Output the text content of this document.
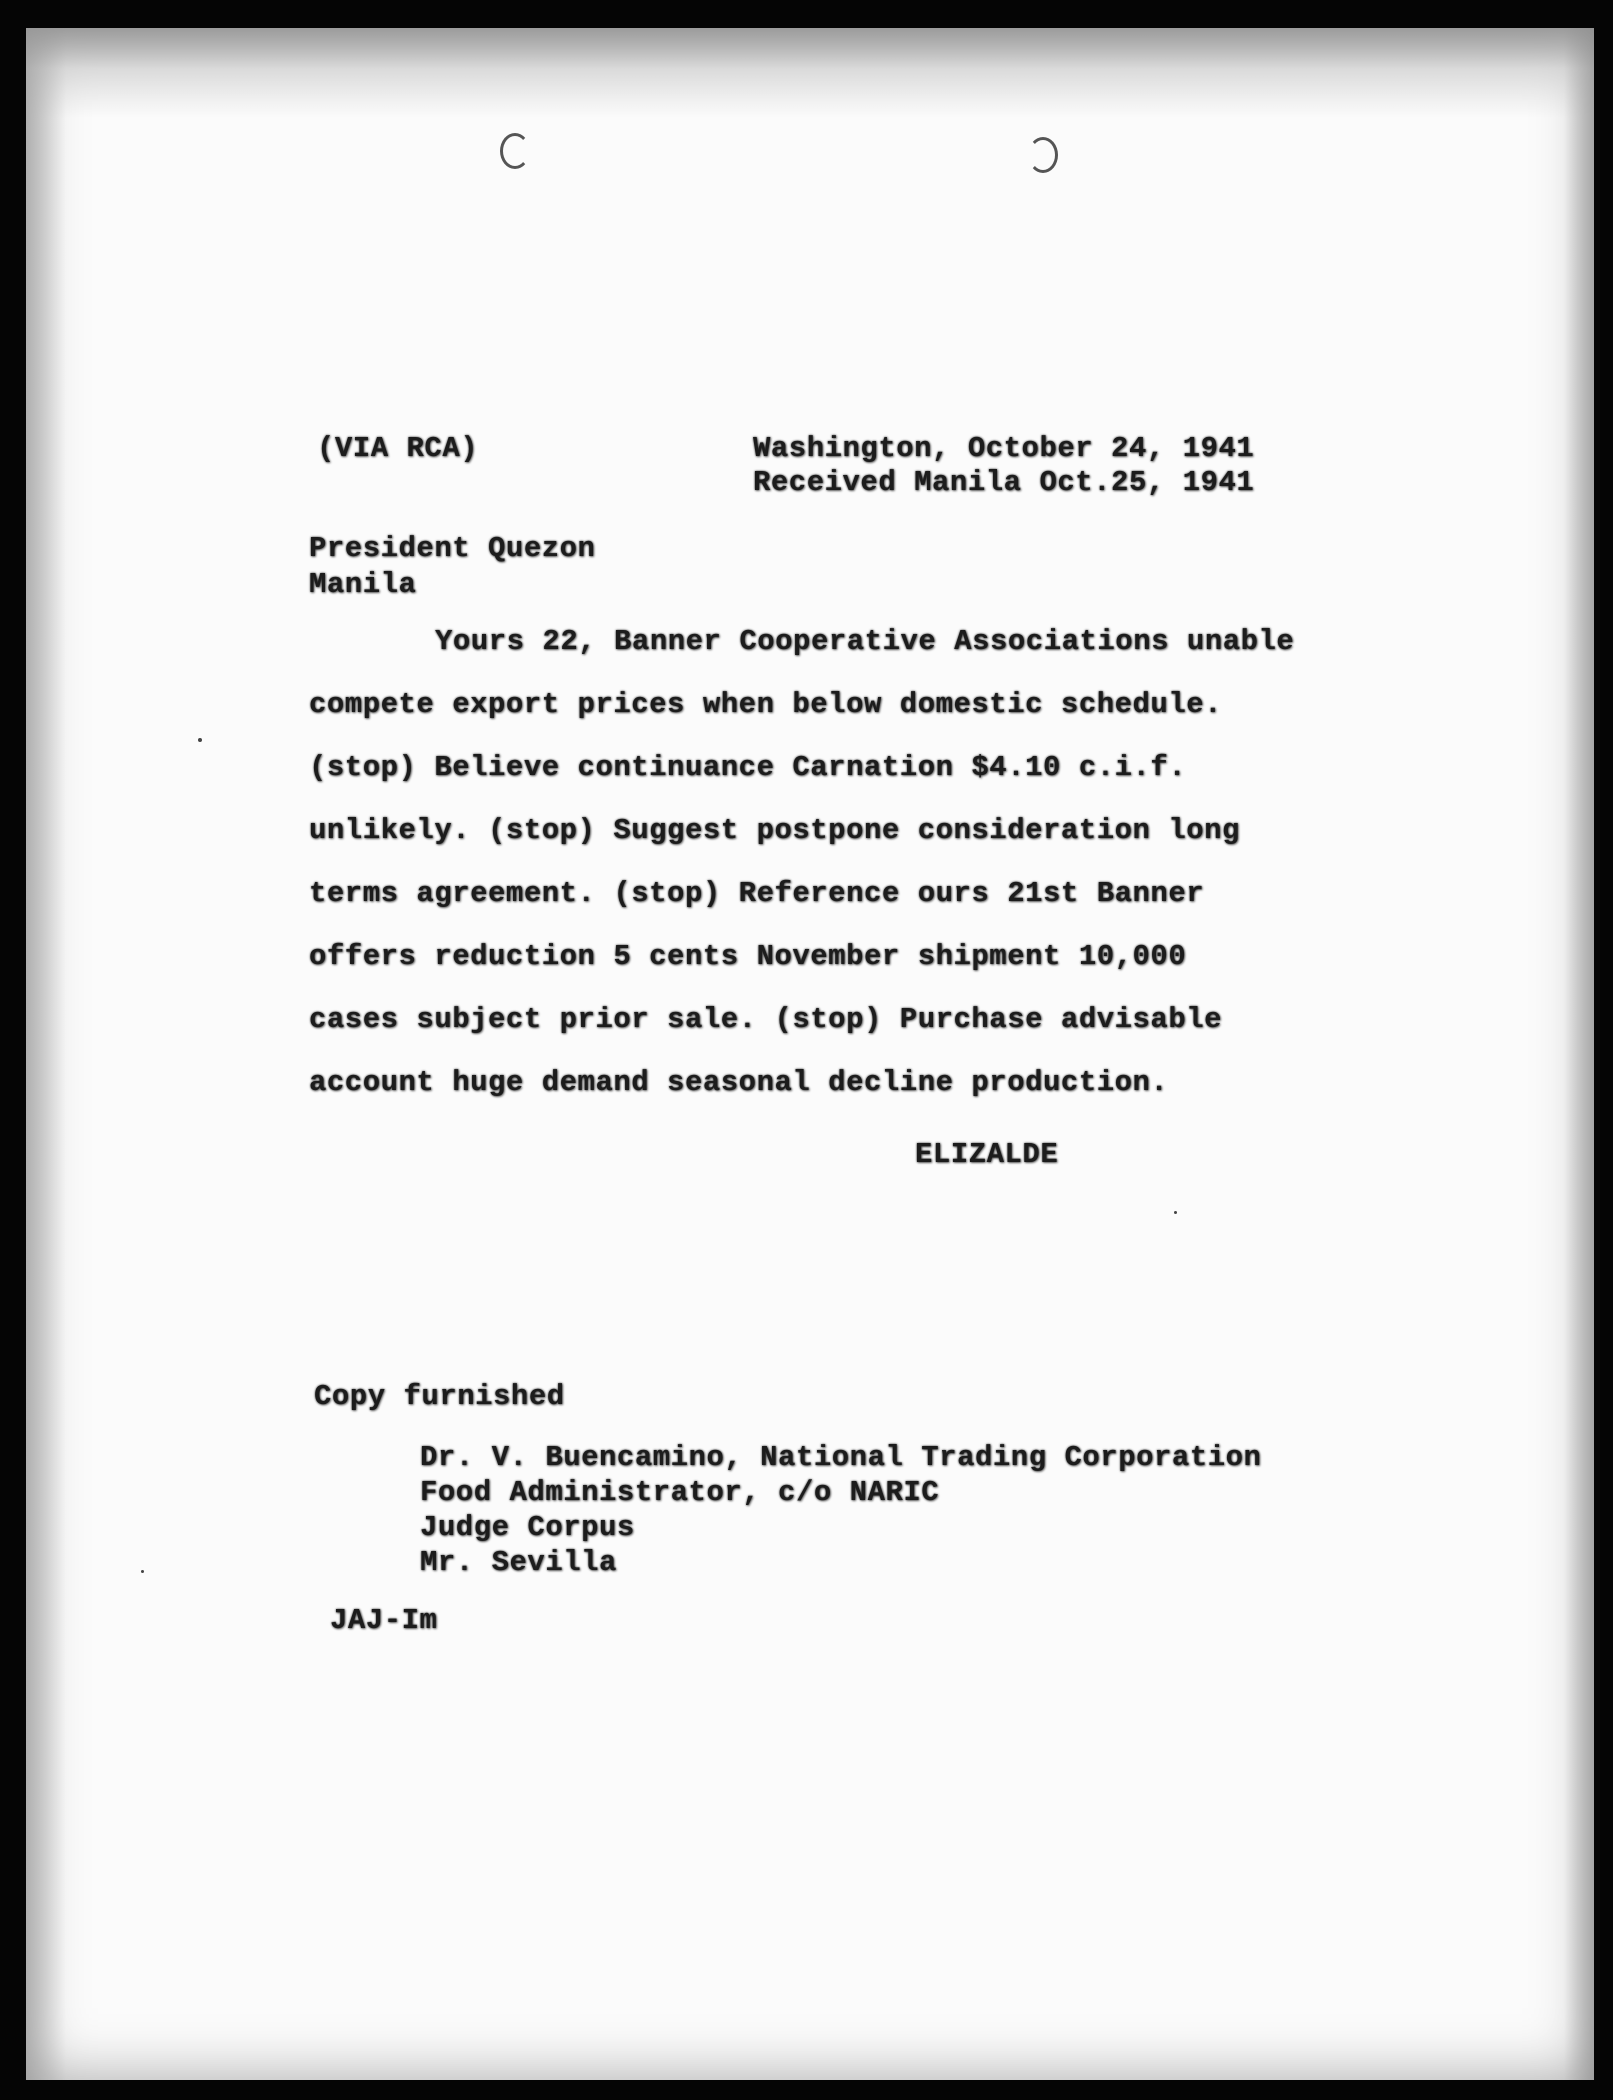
(VIA RCA)	Washington, October 24, 1941
Received Manila Oct.25, 1941
President Quezon
Manila
Yours 22, Banner Cooperative Associations unable
compete export prices when below domestic schedule.
(stop) Believe continuance Carnation $4.10 c.i.f.
unlikely. (stop) Suggest postpone consideration long
terms agreement. (stop) Reference ours 21st Banner
offers reduction 5 cents November shipment 10,000
cases subject prior sale. (stop) Purchase advisable
account huge demand seasonal decline production.
ELIZALDE
Copy furnished
Dr. V. Buencamino, National Trading Corporation
Food Administrator, c/o NARIC
Judge Corpus
Mr. Sevilla
JAJ-Im
